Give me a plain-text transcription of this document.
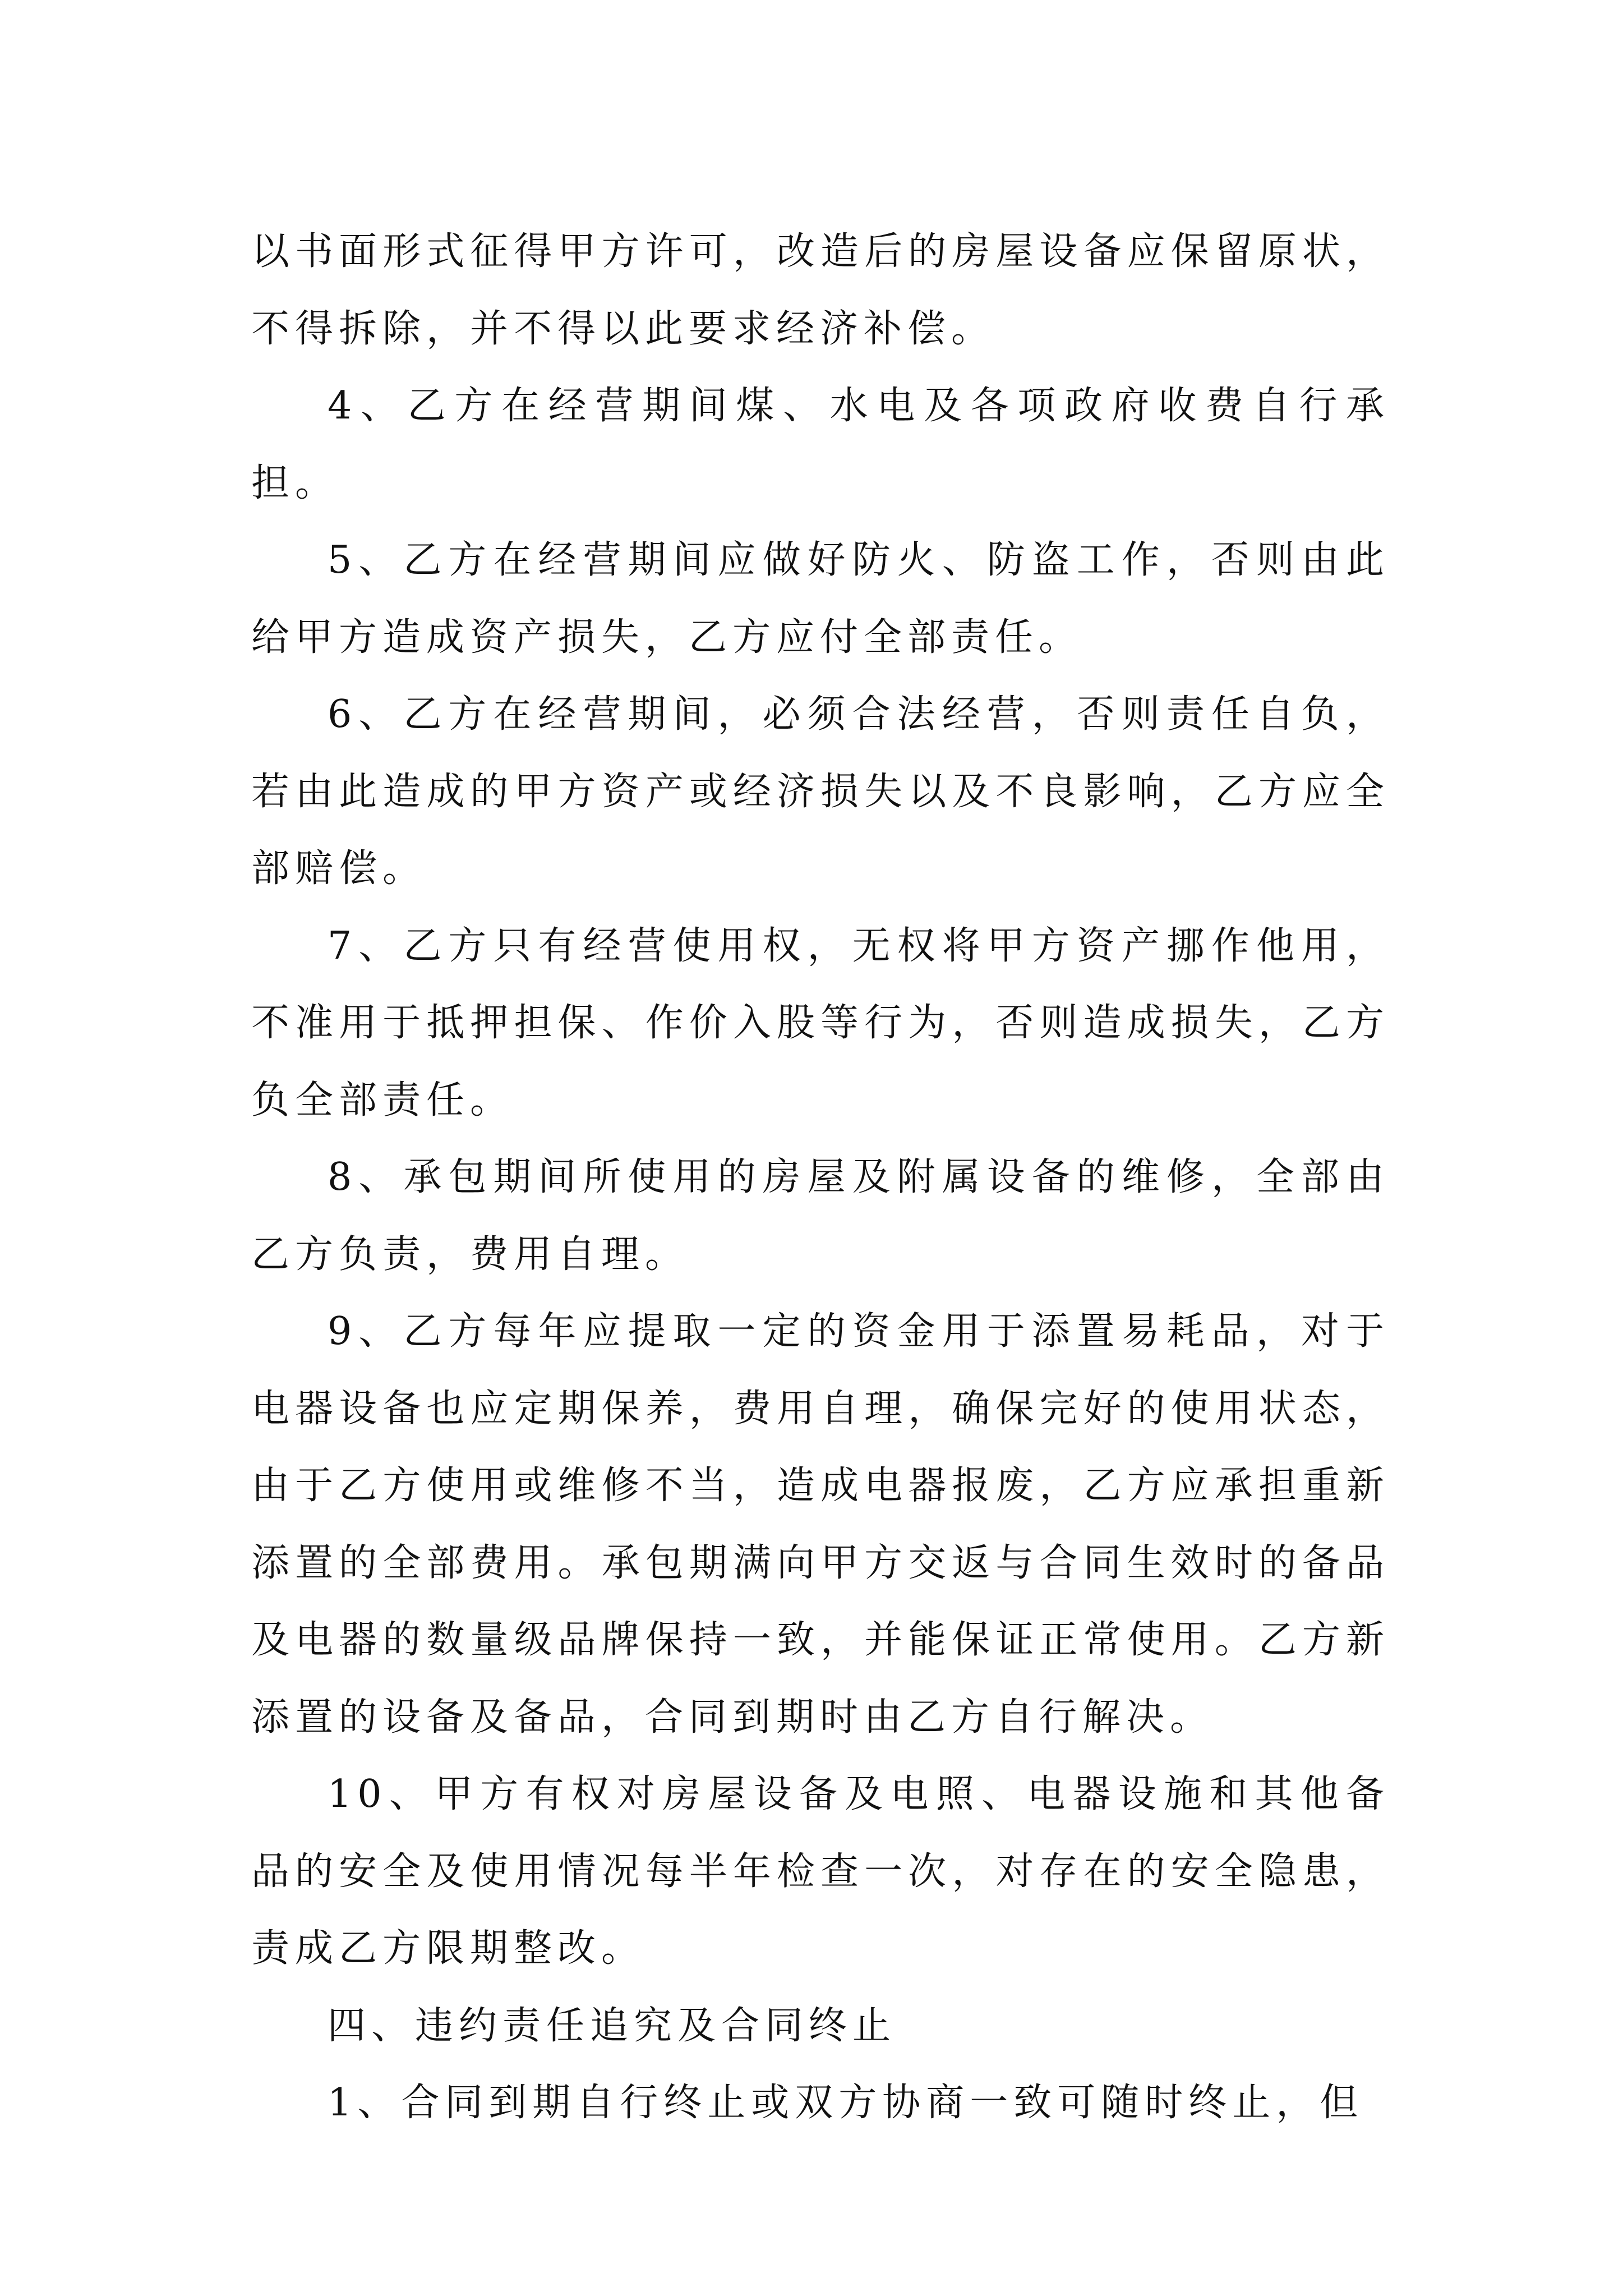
以书面形式征得甲方许可，改造后的房屋设备应保留原状，不得拆除，并不得以此要求经济补偿。

4、乙方在经营期间煤、水电及各项政府收费自行承担。

5、乙方在经营期间应做好防火、防盗工作，否则由此给甲方造成资产损失，乙方应付全部责任。

6、乙方在经营期间，必须合法经营，否则责任自负，若由此造成的甲方资产或经济损失以及不良影响，乙方应全部赔偿。

7、乙方只有经营使用权，无权将甲方资产挪作他用，不准用于抵押担保、作价入股等行为，否则造成损失，乙方负全部责任。

8、承包期间所使用的房屋及附属设备的维修，全部由乙方负责，费用自理。

9、乙方每年应提取一定的资金用于添置易耗品，对于电器设备也应定期保养，费用自理，确保完好的使用状态，由于乙方使用或维修不当，造成电器报废，乙方应承担重新添置的全部费用。承包期满向甲方交返与合同生效时的备品及电器的数量级品牌保持一致，并能保证正常使用。乙方新添置的设备及备品，合同到期时由乙方自行解决。

10、甲方有权对房屋设备及电照、电器设施和其他备品的安全及使用情况每半年检查一次，对存在的安全隐患，责成乙方限期整改。

四、违约责任追究及合同终止

1、合同到期自行终止或双方协商一致可随时终止，但
